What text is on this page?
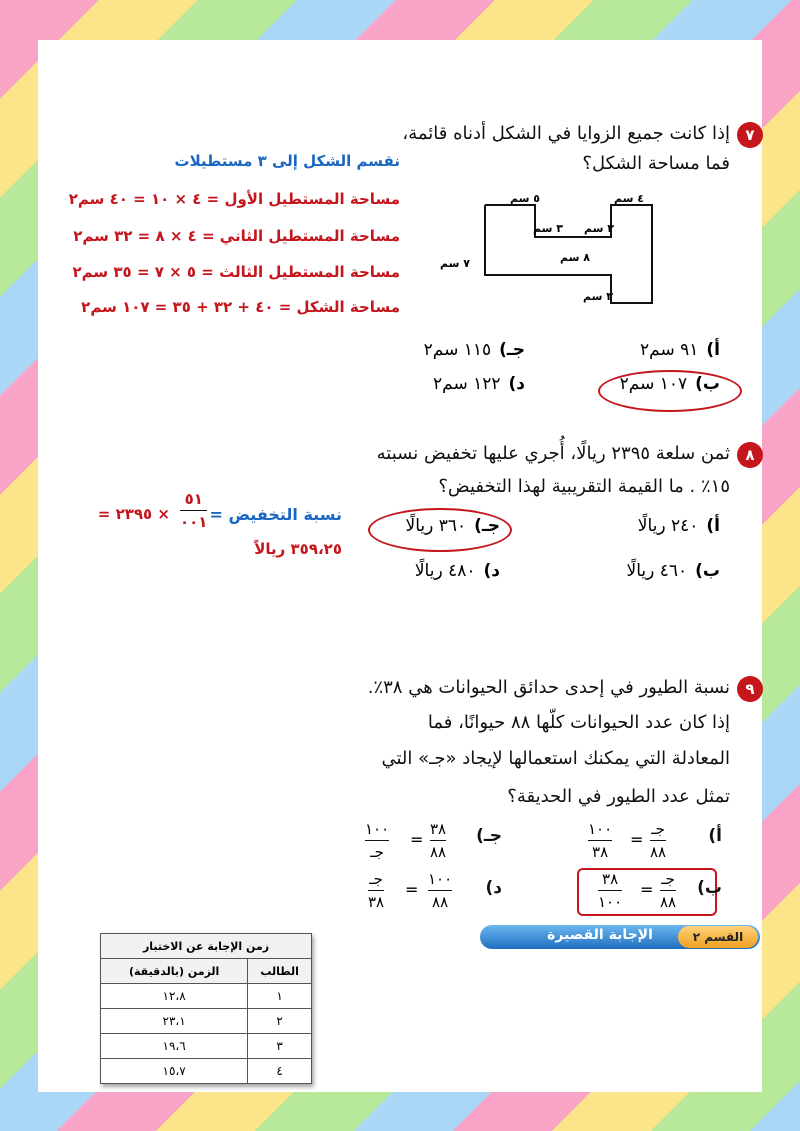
٧
إذا كانت جميع الزوايا في الشكل أدناه قائمة،
فما مساحة الشكل؟
٥ سم	٤ سم
٣ سم ٣ سم
٨ سم
٧ سم
٣ سم
نقسم الشكل إلى ٣ مستطيلات
مساحة المستطيل الأول = ٤ × ١٠ = ٤٠ سم٢
مساحة المستطيل الثاني = ٤ × ٨ = ٣٢ سم٢
مساحة المستطيل الثالث = ٥ × ٧ = ٣٥ سم٢
مساحة الشكل = ٤٠ + ٣٢ + ٣٥ = ١٠٧ سم٢
أ)٩١ سم٢
جـ)١١٥ سم٢
ب)١٠٧ سم٢
د)١٢٢ سم٢
٨
ثمن سلعة ٢٣٩٥ ريالًا، أُجري عليها تخفيض نسبته
١٥٪ . ما القيمة التقريبية لهذا التخفيض؟
نسبة التخفيض =
٥١
٠٠١
× ٢٣٩٥ =
٣٥٩،٢٥ ريالاً
أ)٢٤٠ ريالًا
جـ)٣٦٠ ريالًا
ب)٤٦٠ ريالًا
د)٤٨٠ ريالًا
٩
نسبة الطيور في إحدى حدائق الحيوانات هي ٣٨٪.
إذا كان عدد الحيوانات كلّها ٨٨ حيوانًا، فما
المعادلة التي يمكنك استعمالها لإيجاد «جـ» التي
تمثل عدد الطيور في الحديقة؟
أ)
جـ
٨٨
=
١٠٠
٣٨
جـ)
٣٨
٨٨
=
١٠٠
جـ
ب)
جـ
٨٨
=
٣٨
١٠٠
د)
١٠٠
٨٨
=
جـ
٣٨
القسم ٢
الإجابة القصيرة
زمن الإجابة عن الاختبار	
الطالب	الزمن (بالدقيقة)
١	١٢،٨
٢	٢٣،١
٣	١٩،٦
٤	١٥،٧
